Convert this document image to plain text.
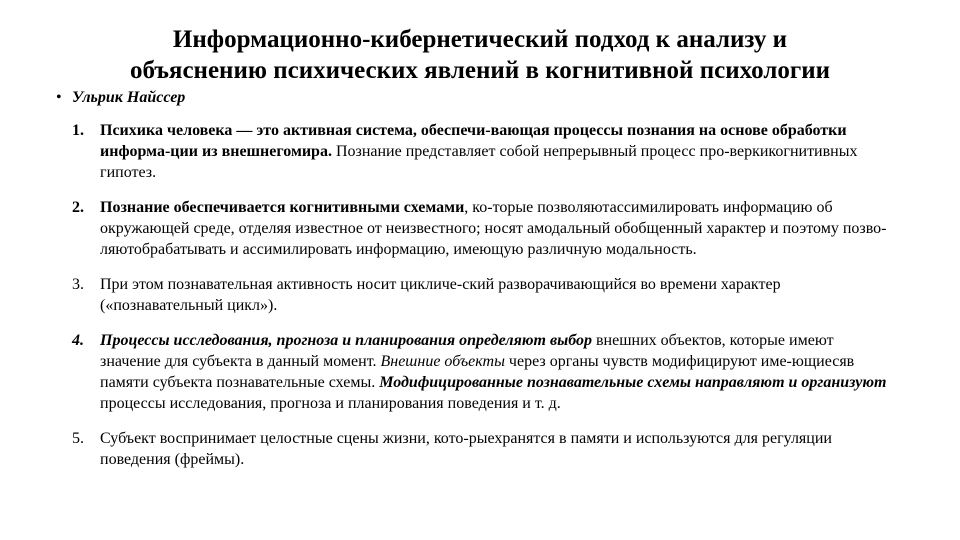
Информационно-кибернетический подход к анализу и
объяснению психических явлений в когнитивной психологии
• Ульрик Найссер
1. Психика человека — это активная система, обеспечи-вающая процессы познания на основе обработки информа-ции из внешнегомира. Познание представляет собой непрерывный процесс про-веркикогнитивных гипотез.
2. Познание обеспечивается когнитивными схемами, ко-торые позволяютассимилировать информацию об окружающей среде, отделяя известное от неизвестного; носят амодальный обобщенный характер и поэтому позво-ляютобрабатывать и ассимилировать информацию, имеющую различную модальность.
3. При этом познавательная активность носит цикличе-ский разворачивающийся во времени характер («познавательный цикл»).
4. Процессы исследования, прогноза и планирования определяют выбор внешних объектов, которые имеют значение для субъекта в данный момент. Внешние объекты через органы чувств модифицируют име-ющиесяв памяти субъекта познавательные схемы. Модифицированные познавательные схемы направляют и организуют процессы исследования, прогноза и планирования поведения и т. д.
5. Субъект воспринимает целостные сцены жизни, кото-рыехранятся в памяти и используются для регуляции поведения (фреймы).
